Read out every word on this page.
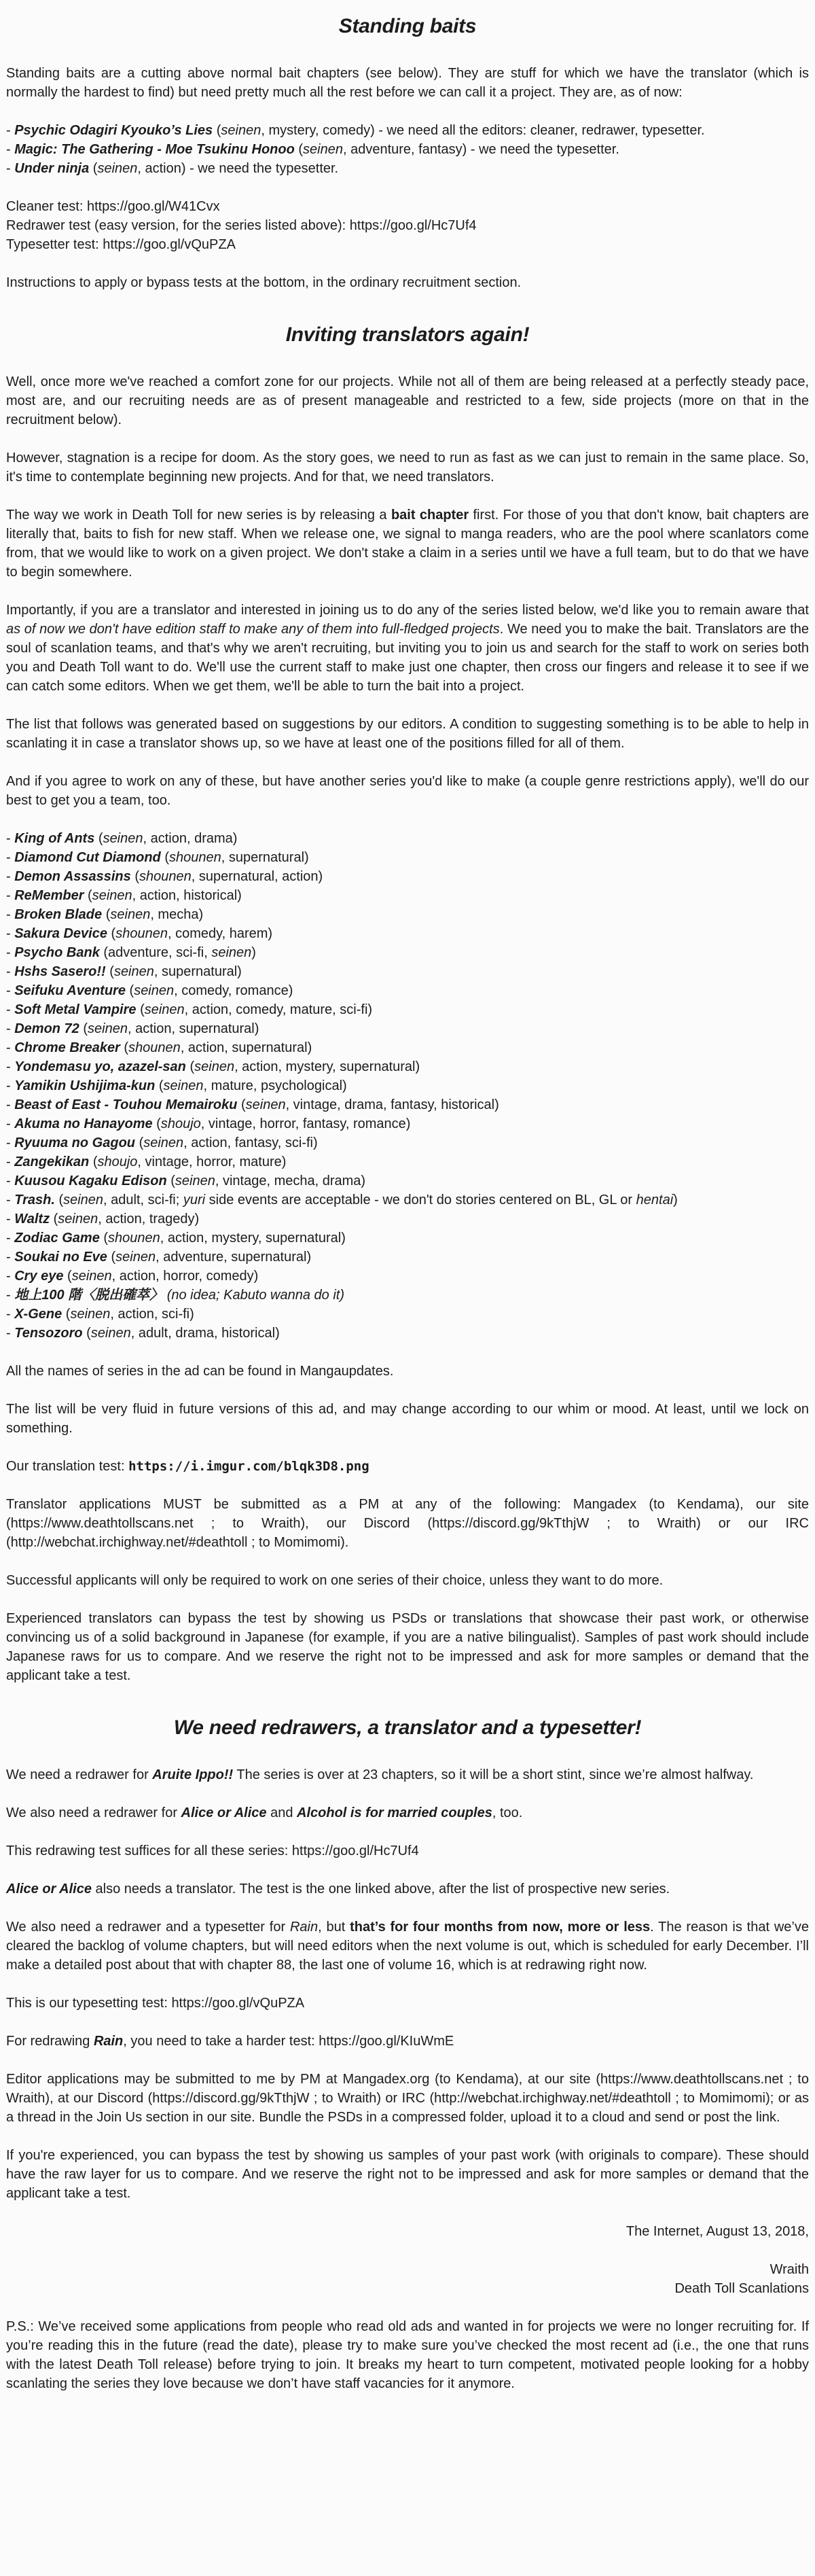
Standing baits

Standing baits are a cutting above normal bait chapters (see below). They are stuff for which we have the translator (which is normally the hardest to find) but need pretty much all the rest before we can call it a project. They are, as of now:

- Psychic Odagiri Kyouko’s Lies (seinen, mystery, comedy) - we need all the editors: cleaner, redrawer, typesetter.
- Magic: The Gathering - Moe Tsukinu Honoo (seinen, adventure, fantasy) - we need the typesetter.
- Under ninja (seinen, action) - we need the typesetter.
Cleaner test: https://goo.gl/W41Cvx
Redrawer test (easy version, for the series listed above): https://goo.gl/Hc7Uf4
Typesetter test: https://goo.gl/vQuPZA

Instructions to apply or bypass tests at the bottom, in the ordinary recruitment section.

Inviting translators again!

Well, once more we've reached a comfort zone for our projects. While not all of them are being released at a perfectly steady pace, most are, and our recruiting needs are as of present manageable and restricted to a few, side projects (more on that in the recruitment below).

However, stagnation is a recipe for doom. As the story goes, we need to run as fast as we can just to remain in the same place. So, it's time to contemplate beginning new projects. And for that, we need translators.

The way we work in Death Toll for new series is by releasing a bait chapter first. For those of you that don't know, bait chapters are literally that, baits to fish for new staff. When we release one, we signal to manga readers, who are the pool where scanlators come from, that we would like to work on a given project. We don't stake a claim in a series until we have a full team, but to do that we have to begin somewhere.

Importantly, if you are a translator and interested in joining us to do any of the series listed below, we'd like you to remain aware that as of now we don't have edition staff to make any of them into full-fledged projects. We need you to make the bait. Translators are the soul of scanlation teams, and that's why we aren't recruiting, but inviting you to join us and search for the staff to work on series both you and Death Toll want to do. We'll use the current staff to make just one chapter, then cross our fingers and release it to see if we can catch some editors. When we get them, we'll be able to turn the bait into a project.

The list that follows was generated based on suggestions by our editors. A condition to suggesting something is to be able to help in scanlating it in case a translator shows up, so we have at least one of the positions filled for all of them.

And if you agree to work on any of these, but have another series you'd like to make (a couple genre restrictions apply), we'll do our best to get you a team, too.

- King of Ants (seinen, action, drama)
- Diamond Cut Diamond (shounen, supernatural)
- Demon Assassins (shounen, supernatural, action)
- ReMember (seinen, action, historical)
- Broken Blade (seinen, mecha)
- Sakura Device (shounen, comedy, harem)
- Psycho Bank (adventure, sci-fi, seinen)
- Hshs Sasero!! (seinen, supernatural)
- Seifuku Aventure (seinen, comedy, romance)
- Soft Metal Vampire (seinen, action, comedy, mature, sci-fi)
- Demon 72 (seinen, action, supernatural)
- Chrome Breaker (shounen, action, supernatural)
- Yondemasu yo, azazel-san (seinen, action, mystery, supernatural)
- Yamikin Ushijima-kun (seinen, mature, psychological)
- Beast of East - Touhou Memairoku (seinen, vintage, drama, fantasy, historical)
- Akuma no Hanayome (shoujo, vintage, horror, fantasy, romance)
- Ryuuma no Gagou (seinen, action, fantasy, sci-fi)
- Zangekikan (shoujo, vintage, horror, mature)
- Kuusou Kagaku Edison (seinen, vintage, mecha, drama)
- Trash. (seinen, adult, sci-fi; yuri side events are acceptable - we don't do stories centered on BL, GL or hentai)
- Waltz (seinen, action, tragedy)
- Zodiac Game (shounen, action, mystery, supernatural)
- Soukai no Eve (seinen, adventure, supernatural)
- Cry eye (seinen, action, horror, comedy)
- 地上100 階〈脱出確萃〉 (no idea; Kabuto wanna do it)
- X-Gene (seinen, action, sci-fi)
- Tensozoro (seinen, adult, drama, historical)

All the names of series in the ad can be found in Mangaupdates.

The list will be very fluid in future versions of this ad, and may change according to our whim or mood. At least, until we lock on something.

Our translation test: https://i.imgur.com/blqk3D8.png

Translator applications MUST be submitted as a PM at any of the following: Mangadex (to Kendama), our site (https://www.deathtollscans.net ; to Wraith), our Discord (https://discord.gg/9kTthjW ; to Wraith) or our IRC (http://webchat.irchighway.net/#deathtoll ; to Momimomi).

Successful applicants will only be required to work on one series of their choice, unless they want to do more.

Experienced translators can bypass the test by showing us PSDs or translations that showcase their past work, or otherwise convincing us of a solid background in Japanese (for example, if you are a native bilingualist). Samples of past work should include Japanese raws for us to compare. And we reserve the right not to be impressed and ask for more samples or demand that the applicant take a test.

We need redrawers, a translator and a typesetter!

We need a redrawer for Aruite Ippo!! The series is over at 23 chapters, so it will be a short stint, since we’re almost halfway.

We also need a redrawer for Alice or Alice and Alcohol is for married couples, too.

This redrawing test suffices for all these series: https://goo.gl/Hc7Uf4

Alice or Alice also needs a translator. The test is the one linked above, after the list of prospective new series.

We also need a redrawer and a typesetter for Rain, but that’s for four months from now, more or less. The reason is that we’ve cleared the backlog of volume chapters, but will need editors when the next volume is out, which is scheduled for early December. I’ll make a detailed post about that with chapter 88, the last one of volume 16, which is at redrawing right now.

This is our typesetting test: https://goo.gl/vQuPZA

For redrawing Rain, you need to take a harder test: https://goo.gl/KIuWmE

Editor applications may be submitted to me by PM at Mangadex.org (to Kendama), at our site (https://www.deathtollscans.net ; to Wraith), at our Discord (https://discord.gg/9kTthjW ; to Wraith) or IRC (http://webchat.irchighway.net/#deathtoll ; to Momimomi); or as a thread in the Join Us section in our site. Bundle the PSDs in a compressed folder, upload it to a cloud and send or post the link.

If you're experienced, you can bypass the test by showing us samples of your past work (with originals to compare). These should have the raw layer for us to compare. And we reserve the right not to be impressed and ask for more samples or demand that the applicant take a test.

The Internet, August 13, 2018,

Wraith
Death Toll Scanlations

P.S.: We’ve received some applications from people who read old ads and wanted in for projects we were no longer recruiting for. If you’re reading this in the future (read the date), please try to make sure you’ve checked the most recent ad (i.e., the one that runs with the latest Death Toll release) before trying to join. It breaks my heart to turn competent, motivated people looking for a hobby scanlating the series they love because we don’t have staff vacancies for it anymore.
